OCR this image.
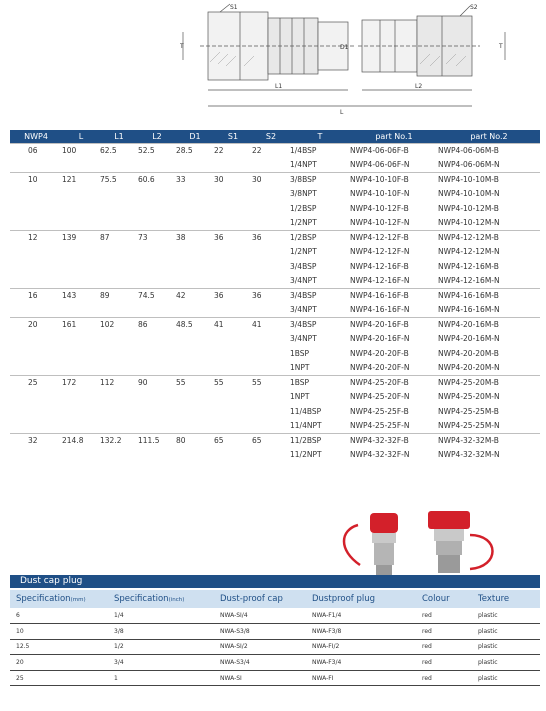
S1	S2
T	D1
L1	L2
L
T
NWP4	L	L1	L2	D1	S1	S2	T	part No.1	part No.2
06	100	62.5	52.5	28.5	22	22	1/4BSP	NWP4-06-06F-B	NWP4-06-06M-B
							1/4NPT	NWP4-06-06F-N	NWP4-06-06M-N
10	121	75.5	60.6	33	30	30	3/8BSP	NWP4-10-10F-B	NWP4-10-10M-B
							3/8NPT	NWP4-10-10F-N	NWP4-10-10M-N
							1/2BSP	NWP4-10-12F-B	NWP4-10-12M-B
							1/2NPT	NWP4-10-12F-N	NWP4-10-12M-N
12	139	87	73	38	36	36	1/2BSP	NWP4-12-12F-B	NWP4-12-12M-B
							1/2NPT	NWP4-12-12F-N	NWP4-12-12M-N
							3/4BSP	NWP4-12-16F-B	NWP4-12-16M-B
							3/4NPT	NWP4-12-16F-N	NWP4-12-16M-N
16	143	89	74.5	42	36	36	3/4BSP	NWP4-16-16F-B	NWP4-16-16M-B
							3/4NPT	NWP4-16-16F-N	NWP4-16-16M-N
20	161	102	86	48.5	41	41	3/4BSP	NWP4-20-16F-B	NWP4-20-16M-B
							3/4NPT	NWP4-20-16F-N	NWP4-20-16M-N
							1BSP	NWP4-20-20F-B	NWP4-20-20M-B
							1NPT	NWP4-20-20F-N	NWP4-20-20M-N
25	172	112	90	55	55	55	1BSP	NWP4-25-20F-B	NWP4-25-20M-B
							1NPT	NWP4-25-20F-N	NWP4-25-20M-N
							11/4BSP	NWP4-25-25F-B	NWP4-25-25M-B
							11/4NPT	NWP4-25-25F-N	NWP4-25-25M-N
32	214.8	132.2	111.5	80	65	65	11/2BSP	NWP4-32-32F-B	NWP4-32-32M-B
							11/2NPT	NWP4-32-32F-N	NWP4-32-32M-N
Dust cap plug
Specification(mm)	Specification(inch)	Dust-proof cap	Dustproof plug	Colour	Texture
6	1/4	NWA-SI/4	NWA-F1/4	red	plastic
10	3/8	NWA-S3/8	NWA-F3/8	red	plastic
12.5	1/2	NWA-SI/2	NWA-FI/2	red	plastic
20	3/4	NWA-S3/4	NWA-F3/4	red	plastic
25	1	NWA-SI	NWA-FI	red	plastic
